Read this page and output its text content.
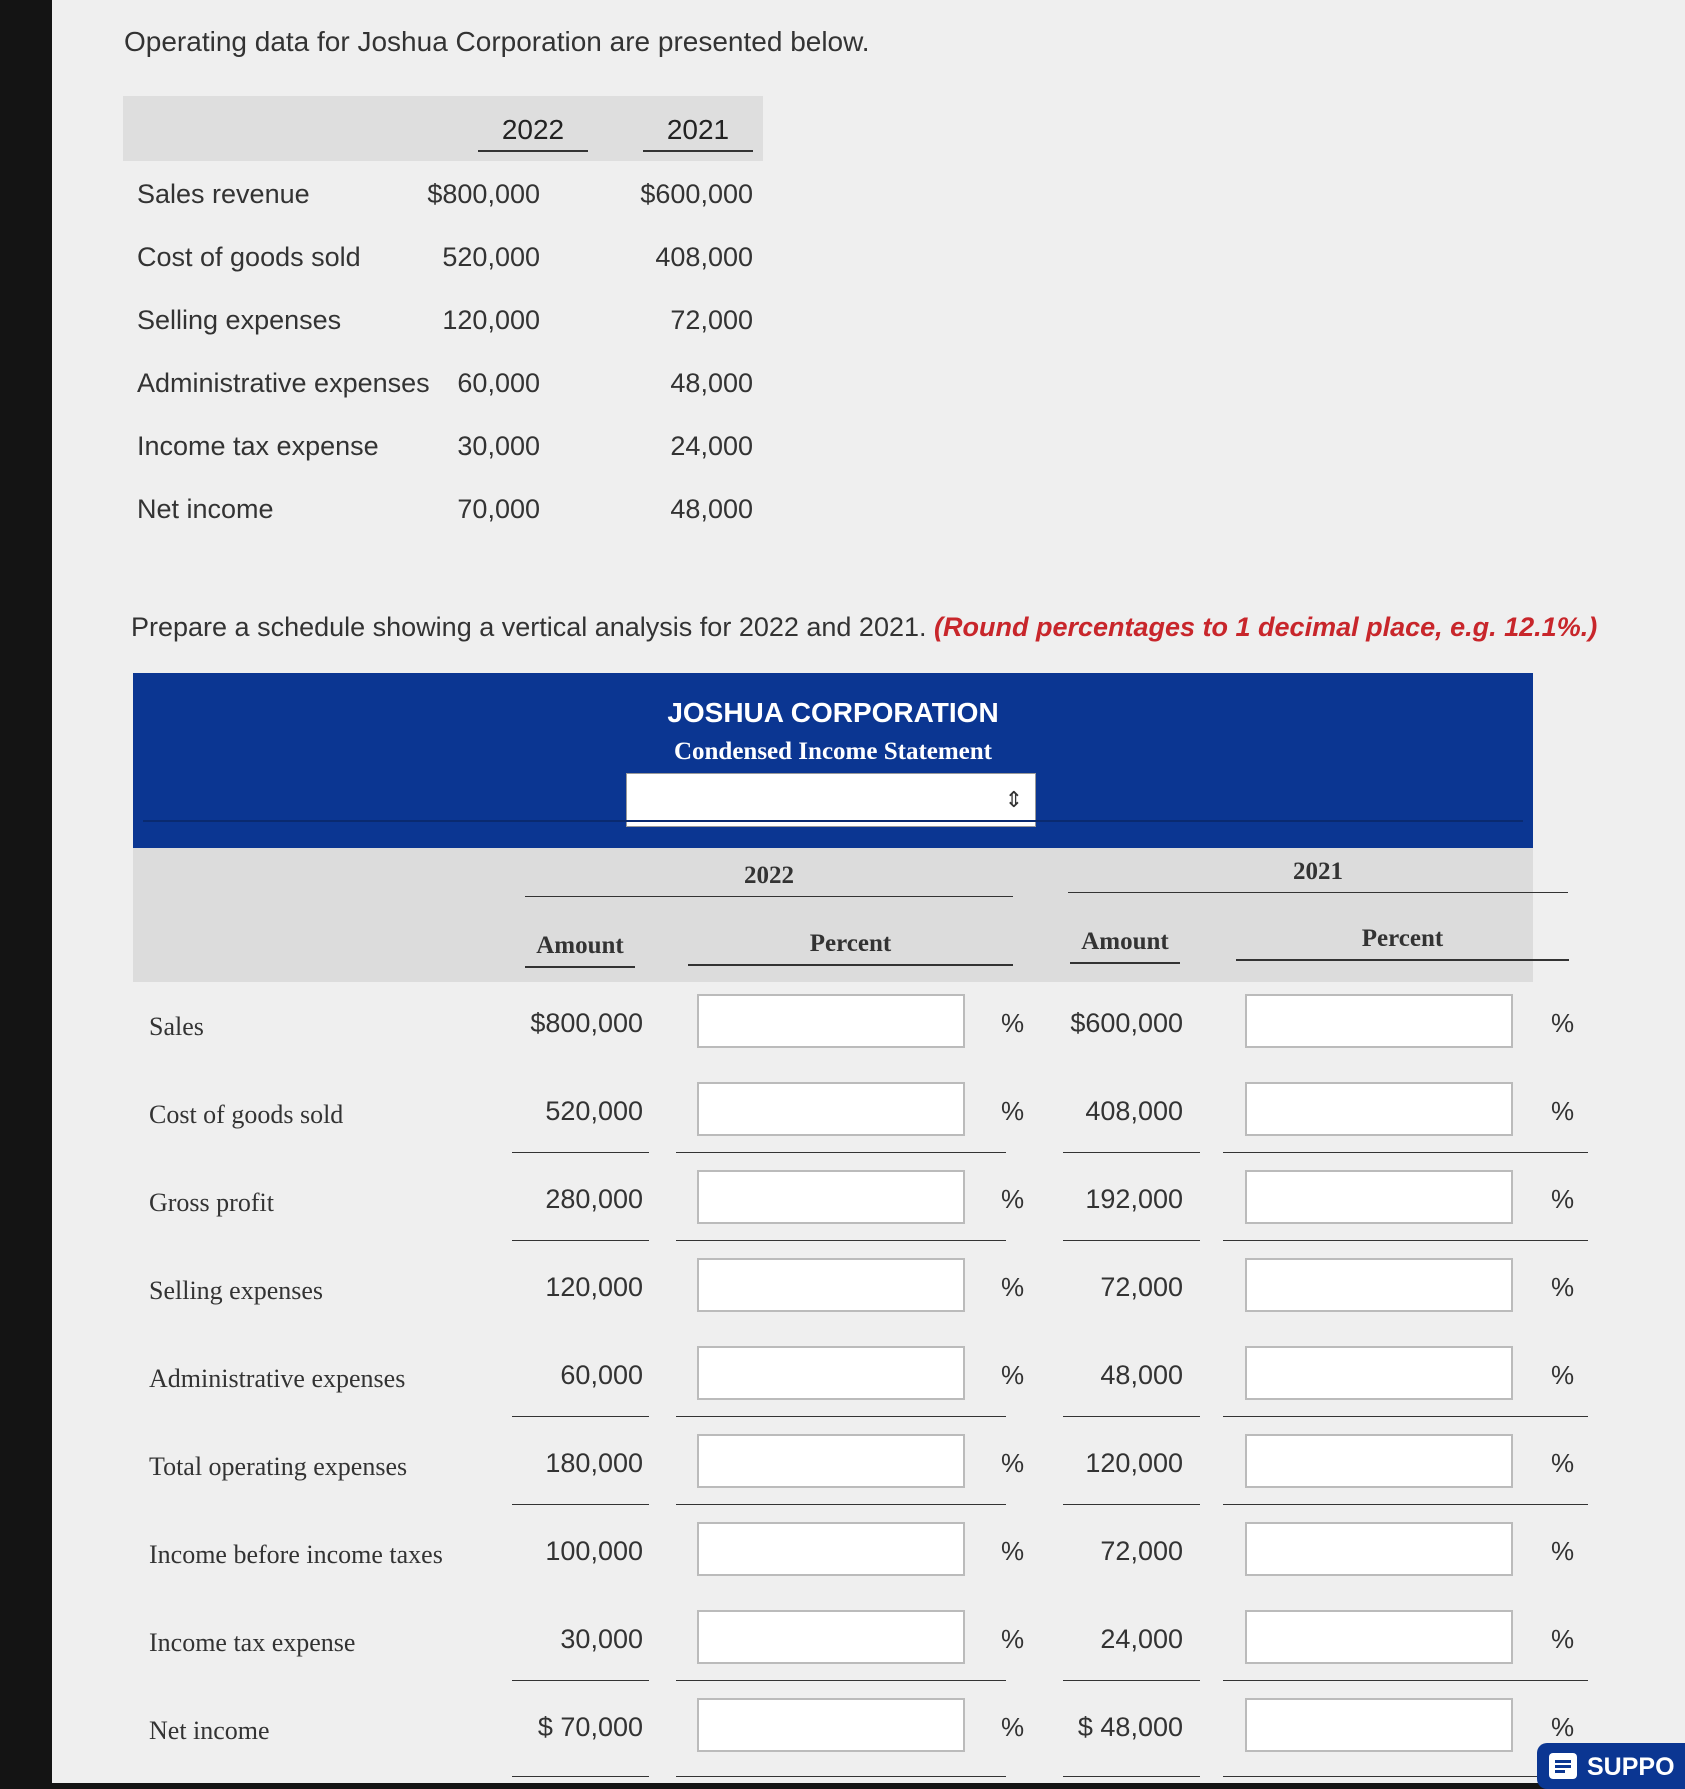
Operating data for Joshua Corporation are presented below.
2022	2021
Sales revenue	$800,000	$600,000
Cost of goods sold	520,000	408,000
Selling expenses	120,000	72,000
Administrative expenses 60,000	48,000
Income tax expense	30,000	24,000
Net income	70,000	48,000
Prepare a schedule showing a vertical analysis for 2022 and 2021. (Round percentages to 1 decimal place, e.g. 12.1%.)
JOSHUA CORPORATION
Condensed Income Statement
⇕
2022	2021
Amount	Percent	Amount	Percent
Sales	$800,000	%	$600,000	%
Cost of goods sold	520,000	%	408,000	%
Gross profit	280,000	%	192,000	%
Selling expenses	120,000	%	72,000	%
Administrative expenses	60,000	%	48,000	%
Total operating expenses	180,000	%	120,000	%
Income before income taxes	100,000	%	72,000	%
Income tax expense	30,000	%	24,000	%
Net income	$ 70,000	%	$ 48,000	%
SUPPO
